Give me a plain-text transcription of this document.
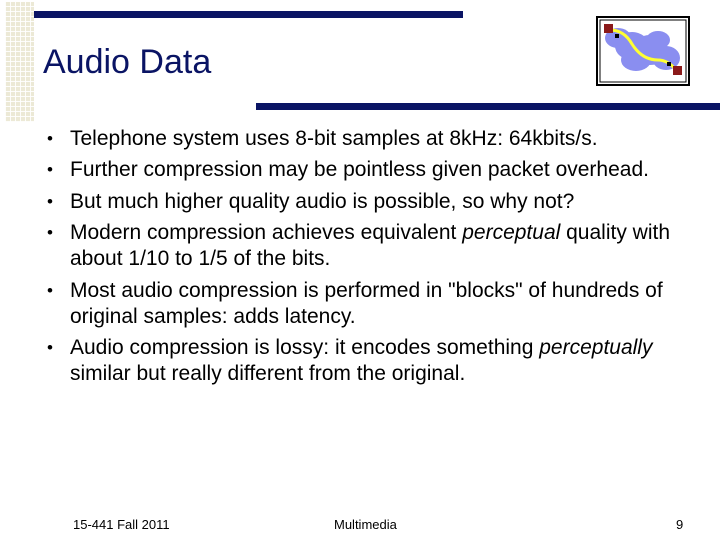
Audio Data
• Telephone system uses 8-bit samples at 8kHz: 64kbits/s.
• Further compression may be pointless given packet overhead.
• But much higher quality audio is possible, so why not?
• Modern compression achieves equivalent perceptual quality with about 1/10 to 1/5 of the bits.
• Most audio compression is performed in "blocks" of hundreds of original samples: adds latency.
• Audio compression is lossy: it encodes something perceptually similar but really different from the original.
15-441 Fall 2011	Multimedia	9
